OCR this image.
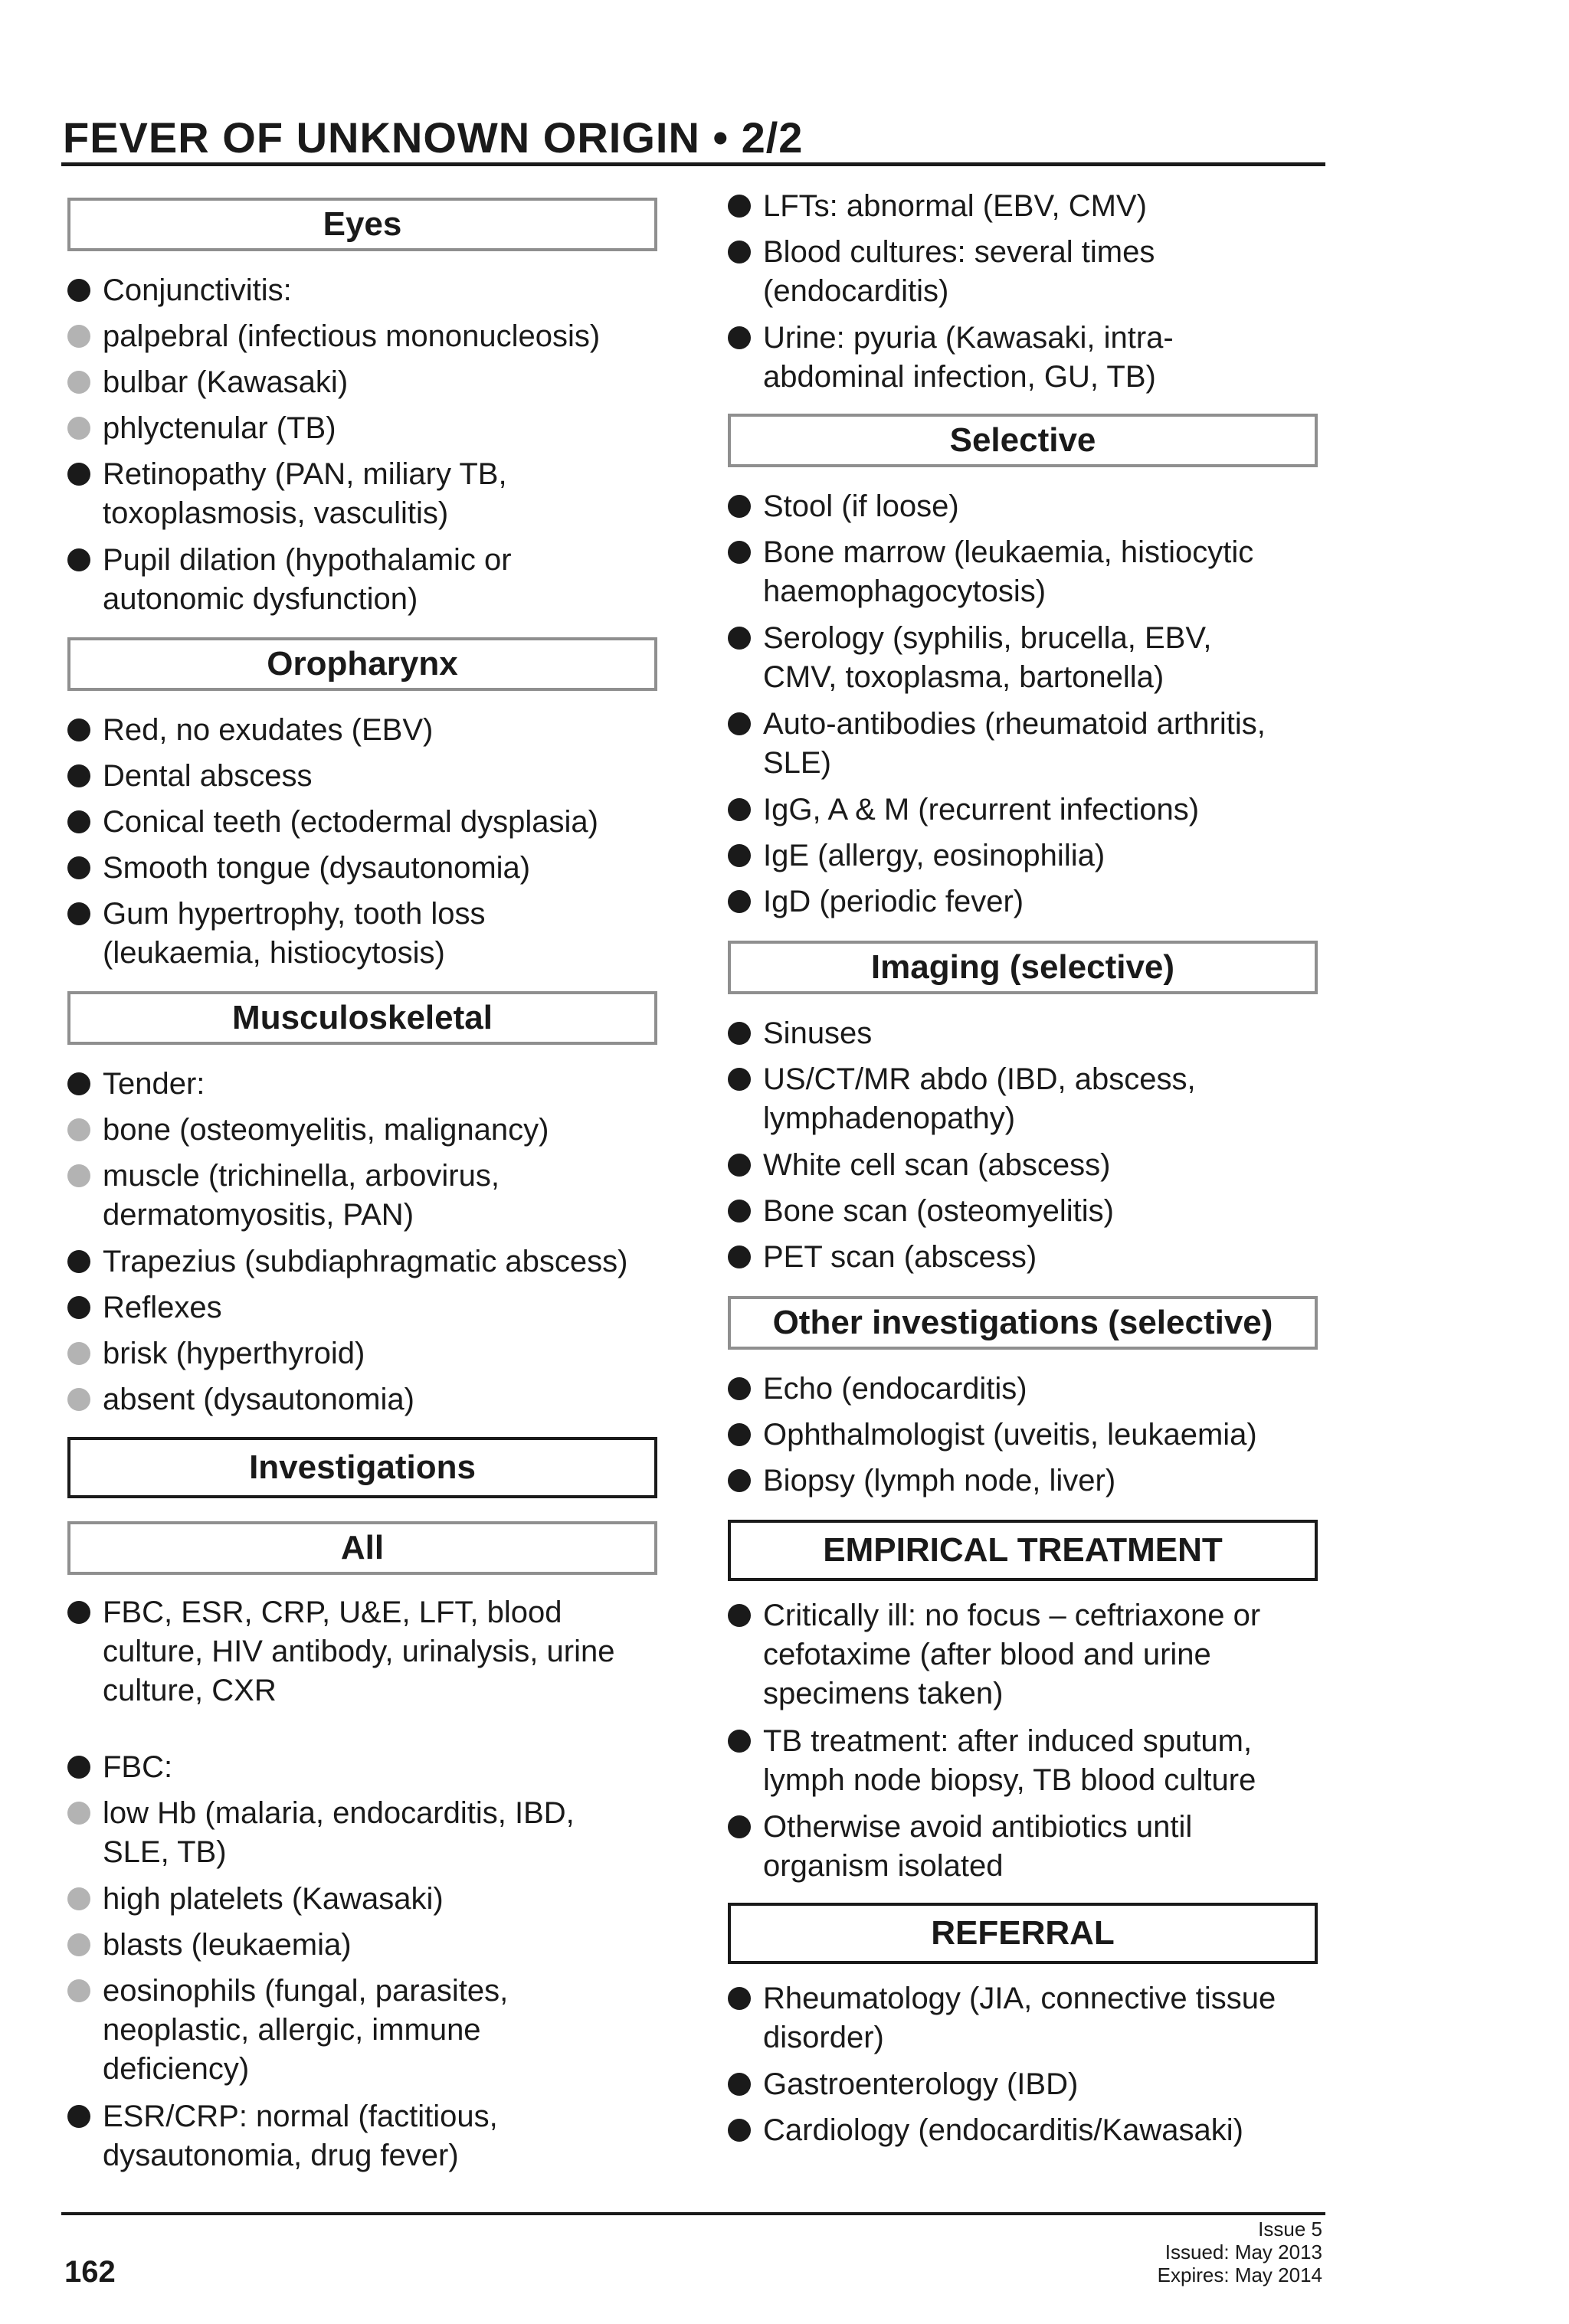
FEVER OF UNKNOWN ORIGIN • 2/2
Eyes
Conjunctivitis:
palpebral (infectious mononucleosis)
bulbar (Kawasaki)
phlyctenular (TB)
Retinopathy (PAN, miliary TB,
toxoplasmosis, vasculitis)
Pupil dilation (hypothalamic or
autonomic dysfunction)
Oropharynx
Red, no exudates (EBV)
Dental abscess
Conical teeth (ectodermal dysplasia)
Smooth tongue (dysautonomia)
Gum hypertrophy, tooth loss
(leukaemia, histiocytosis)
Musculoskeletal
Tender:
bone (osteomyelitis, malignancy)
muscle (trichinella, arbovirus,
dermatomyositis, PAN)
Trapezius (subdiaphragmatic abscess)
Reflexes
brisk (hyperthyroid)
absent (dysautonomia)
Investigations
All
FBC, ESR, CRP, U&E, LFT, blood
culture, HIV antibody, urinalysis, urine
culture, CXR
FBC:
low Hb (malaria, endocarditis, IBD,
SLE, TB)
high platelets (Kawasaki)
blasts (leukaemia)
eosinophils (fungal, parasites,
neoplastic, allergic, immune
deficiency)
ESR/CRP: normal (factitious,
dysautonomia, drug fever)
LFTs: abnormal (EBV, CMV)
Blood cultures: several times
(endocarditis)
Urine: pyuria (Kawasaki, intra-
abdominal infection, GU, TB)
Selective
Stool (if loose)
Bone marrow (leukaemia, histiocytic
haemophagocytosis)
Serology (syphilis, brucella, EBV,
CMV, toxoplasma, bartonella)
Auto-antibodies (rheumatoid arthritis,
SLE)
IgG, A & M (recurrent infections)
IgE (allergy, eosinophilia)
IgD (periodic fever)
Imaging (selective)
Sinuses
US/CT/MR abdo (IBD, abscess,
lymphadenopathy)
White cell scan (abscess)
Bone scan (osteomyelitis)
PET scan (abscess)
Other investigations (selective)
Echo (endocarditis)
Ophthalmologist (uveitis, leukaemia)
Biopsy (lymph node, liver)
EMPIRICAL TREATMENT
Critically ill: no focus – ceftriaxone or
cefotaxime (after blood and urine
specimens taken)
TB treatment: after induced sputum,
lymph node biopsy, TB blood culture
Otherwise avoid antibiotics until
organism isolated
REFERRAL
Rheumatology (JIA, connective tissue
disorder)
Gastroenterology (IBD)
Cardiology (endocarditis/Kawasaki)
162
Issue 5
Issued: May 2013
Expires: May 2014
